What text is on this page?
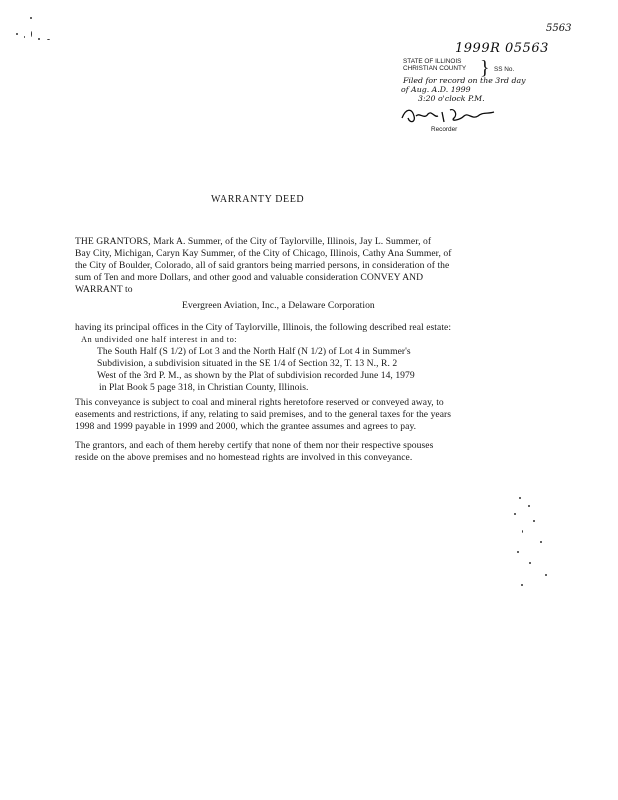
5563
1999R 05563
STATE OF ILLINOIS
CHRISTIAN COUNTY } SS No.
Filed for record on the 3rd day
of Aug. A.D. 1999
3:20 o'clock P.M.
Recorder
WARRANTY DEED
THE GRANTORS, Mark A. Summer, of the City of Taylorville, Illinois, Jay L. Summer, of
Bay City, Michigan, Caryn Kay Summer, of the City of Chicago, Illinois, Cathy Ana Summer, of
the City of Boulder, Colorado, all of said grantors being married persons, in consideration of the
sum of Ten and more Dollars, and other good and valuable consideration CONVEY AND
WARRANT to
Evergreen Aviation, Inc., a Delaware Corporation
having its principal offices in the City of Taylorville, Illinois, the following described real estate:
An undivided one half interest in and to:
The South Half (S 1/2) of Lot 3 and the North Half (N 1/2) of Lot 4 in Summer's
Subdivision, a subdivision situated in the SE 1/4 of Section 32, T. 13 N., R. 2
West of the 3rd P. M., as shown by the Plat of subdivision recorded June 14, 1979
in Plat Book 5 page 318, in Christian County, Illinois.
This conveyance is subject to coal and mineral rights heretofore reserved or conveyed away, to
easements and restrictions, if any, relating to said premises, and to the general taxes for the years
1998 and 1999 payable in 1999 and 2000, which the grantee assumes and agrees to pay.
The grantors, and each of them hereby certify that none of them nor their respective spouses
reside on the above premises and no homestead rights are involved in this conveyance.
